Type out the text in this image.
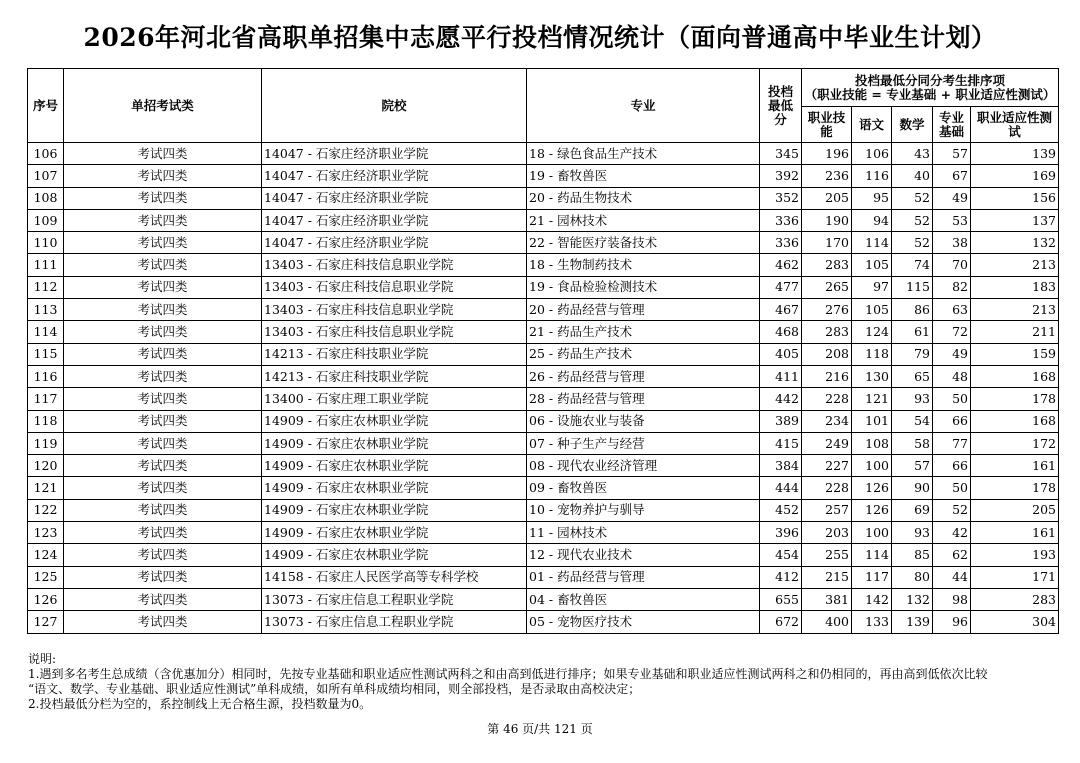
2026年河北省高职单招集中志愿平行投档情况统计（面向普通高中毕业生计划）
序号	单招考试类	院校	专业	投档最低分	投档最低分同分考生排序项
（职业技能 = 专业基础 + 职业适应性测试）				

					职业技能	语文	数学	专业基础	职业适应性测试
106	考试四类	14047 - 石家庄经济职业学院	18 - 绿色食品生产技术	345	196	106	43	57	139
107	考试四类	14047 - 石家庄经济职业学院	19 - 畜牧兽医	392	236	116	40	67	169
108	考试四类	14047 - 石家庄经济职业学院	20 - 药品生物技术	352	205	95	52	49	156
109	考试四类	14047 - 石家庄经济职业学院	21 - 园林技术	336	190	94	52	53	137
110	考试四类	14047 - 石家庄经济职业学院	22 - 智能医疗装备技术	336	170	114	52	38	132
111	考试四类	13403 - 石家庄科技信息职业学院	18 - 生物制药技术	462	283	105	74	70	213
112	考试四类	13403 - 石家庄科技信息职业学院	19 - 食品检验检测技术	477	265	97	115	82	183
113	考试四类	13403 - 石家庄科技信息职业学院	20 - 药品经营与管理	467	276	105	86	63	213
114	考试四类	13403 - 石家庄科技信息职业学院	21 - 药品生产技术	468	283	124	61	72	211
115	考试四类	14213 - 石家庄科技职业学院	25 - 药品生产技术	405	208	118	79	49	159
116	考试四类	14213 - 石家庄科技职业学院	26 - 药品经营与管理	411	216	130	65	48	168
117	考试四类	13400 - 石家庄理工职业学院	28 - 药品经营与管理	442	228	121	93	50	178
118	考试四类	14909 - 石家庄农林职业学院	06 - 设施农业与装备	389	234	101	54	66	168
119	考试四类	14909 - 石家庄农林职业学院	07 - 种子生产与经营	415	249	108	58	77	172
120	考试四类	14909 - 石家庄农林职业学院	08 - 现代农业经济管理	384	227	100	57	66	161
121	考试四类	14909 - 石家庄农林职业学院	09 - 畜牧兽医	444	228	126	90	50	178
122	考试四类	14909 - 石家庄农林职业学院	10 - 宠物养护与驯导	452	257	126	69	52	205
123	考试四类	14909 - 石家庄农林职业学院	11 - 园林技术	396	203	100	93	42	161
124	考试四类	14909 - 石家庄农林职业学院	12 - 现代农业技术	454	255	114	85	62	193
125	考试四类	14158 - 石家庄人民医学高等专科学校	01 - 药品经营与管理	412	215	117	80	44	171
126	考试四类	13073 - 石家庄信息工程职业学院	04 - 畜牧兽医	655	381	142	132	98	283
127	考试四类	13073 - 石家庄信息工程职业学院	05 - 宠物医疗技术	672	400	133	139	96	304
说明:
1.遇到多名考生总成绩（含优惠加分）相同时，先按专业基础和职业适应性测试两科之和由高到低进行排序；如果专业基础和职业适应性测试两科之和仍相同的，再由高到低依次比较
“语文、数学、专业基础、职业适应性测试”单科成绩，如所有单科成绩均相同，则全部投档，是否录取由高校决定；
2.投档最低分栏为空的，系控制线上无合格生源，投档数量为0。
第 46 页/共 121 页
